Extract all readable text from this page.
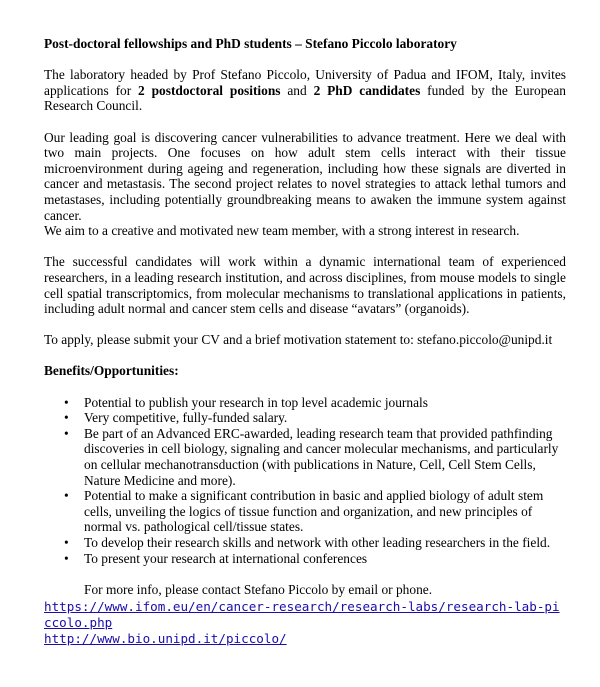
Post-doctoral fellowships and PhD students – Stefano Piccolo laboratory

The laboratory headed by Prof Stefano Piccolo, University of Padua and IFOM, Italy, invites applications for 2 postdoctoral positions and 2 PhD candidates funded by the European Research Council.

Our leading goal is discovering cancer vulnerabilities to advance treatment. Here we deal with two main projects. One focuses on how adult stem cells interact with their tissue microenvironment during ageing and regeneration, including how these signals are diverted in cancer and metastasis. The second project relates to novel strategies to attack lethal tumors and metastases, including potentially groundbreaking means to awaken the immune system against cancer.
We aim to a creative and motivated new team member, with a strong interest in research.

The successful candidates will work within a dynamic international team of experienced researchers, in a leading research institution, and across disciplines, from mouse models to single cell spatial transcriptomics, from molecular mechanisms to translational applications in patients, including adult normal and cancer stem cells and disease “avatars” (organoids).

To apply, please submit your CV and a brief motivation statement to: stefano.piccolo@unipd.it

Benefits/Opportunities:

• Potential to publish your research in top level academic journals
• Very competitive, fully-funded salary.
• Be part of an Advanced ERC-awarded, leading research team that provided pathfinding discoveries in cell biology, signaling and cancer molecular mechanisms, and particularly on cellular mechanotransduction (with publications in Nature, Cell, Cell Stem Cells, Nature Medicine and more).
• Potential to make a significant contribution in basic and applied biology of adult stem cells, unveiling the logics of tissue function and organization, and new principles of normal vs. pathological cell/tissue states.
• To develop their research skills and network with other leading researchers in the field.
• To present your research at international conferences

For more info, please contact Stefano Piccolo by email or phone.

https://www.ifom.eu/en/cancer-research/research-labs/research-lab-piccolo.php
http://www.bio.unipd.it/piccolo/
